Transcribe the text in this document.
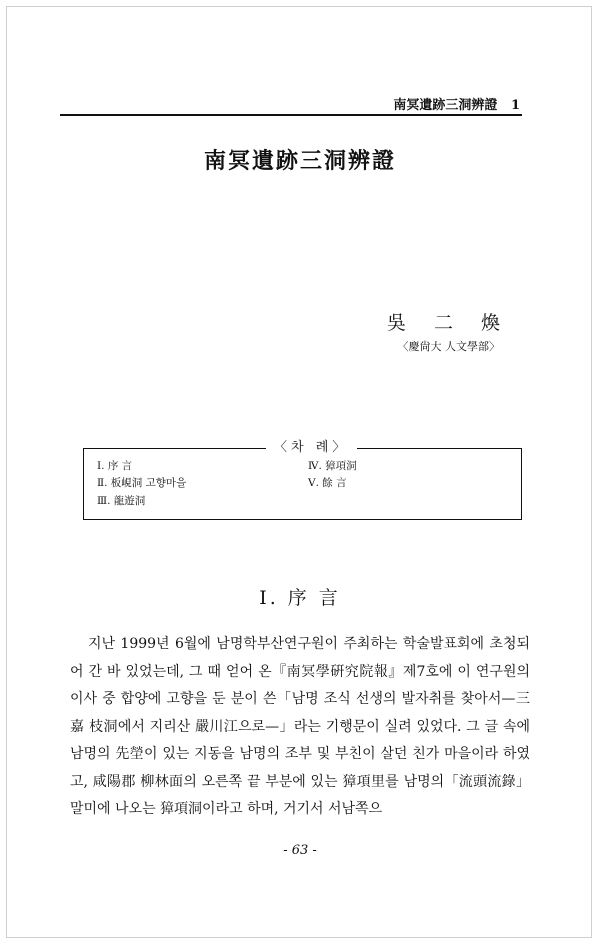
南冥遺跡三洞辨證 1
南冥遺跡三洞辨證
吳 二 煥
〈慶尙大 人文學部〉
〈차 례〉
Ⅰ. 序 言
Ⅱ. 板峴洞 고향마을
Ⅲ. 龍遊洞
Ⅳ. 獐項洞
Ⅴ. 餘 言
Ⅰ. 序 言
지난 1999년 6월에 남명학부산연구원이 주최하는 학술발표회에 초청되어 간 바 있었는데, 그 때 얻어 온『南冥學硏究院報』제7호에 이 연구원의 이사 중 합양에 고향을 둔 분이 쓴「남명 조식 선생의 발자취를 찾아서—三嘉 枝洞에서 지리산 嚴川江으로—」라는 기행문이 실려 있었다. 그 글 속에 남명의 先塋이 있는 지동을 남명의 조부 및 부친이 살던 친가 마을이라 하였고, 咸陽郡 柳林面의 오른쪽 끝 부분에 있는 獐項里를 남명의「流頭流錄」말미에 나오는 獐項洞이라고 하며, 거기서 서남쪽으
- 63 -
